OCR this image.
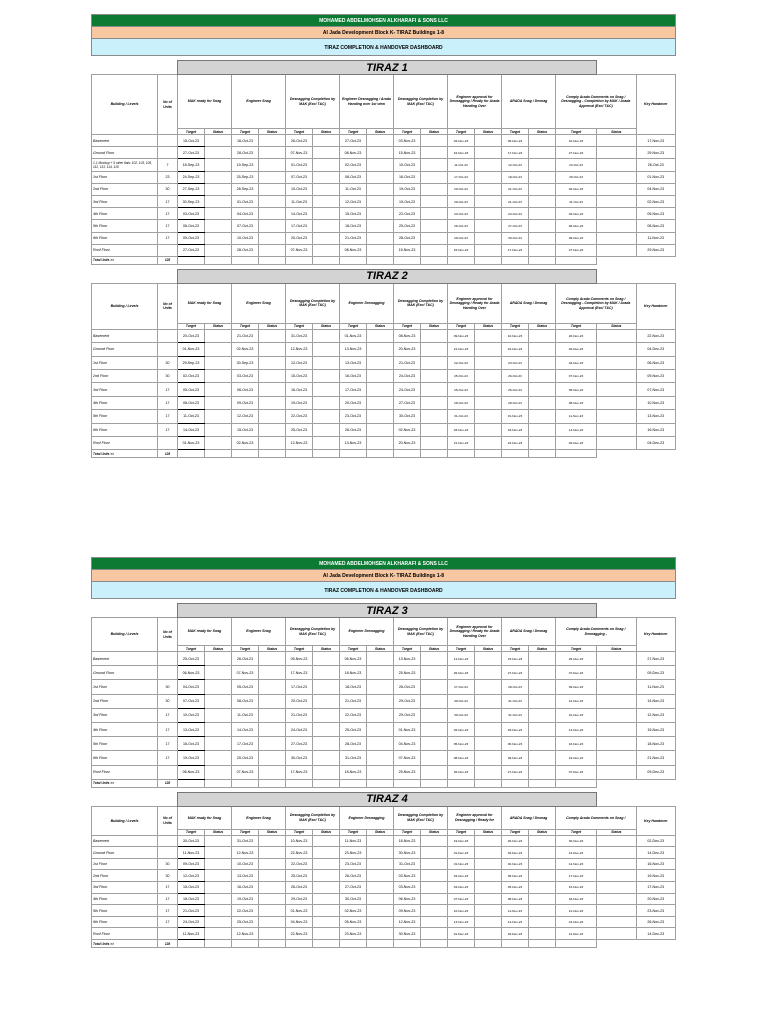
MOHAMED ABDELMOHSEN ALKHARAFI & SONS LLC
Al Jada Development Block K- TIRAZ Buildings 1-8
TIRAZ COMPLETION & HANDOVER DASHBOARD
		TIRAZ 1																
Building / Levels	No of Units	MAK ready for Snag		Engineer Snag		Desnagging Completion by MAK (Excl T&C)		Engineer Desnagging / Arada Handing over 1st view		Desnagging Completion by MAK (Excl T&C)		Engineer approval for Desnagging / Ready for Arada Handing Over		ARADA Snag / Desnag		Comply Arada Comments on Snag / Desnagging - Completion by MAK / Arada Approval (Excl T&C)		Key Handover
		Target	Status	Target	Status	Target	Status	Target	Status	Target	Status	Target	Status	Target	Status	Target	Status	
Basement		15-Oct-23		16-Oct-23		26-Oct-23		27-Oct-23		03-Nov-23		04-Nov-23		05-Nov-23		10-Nov-23		17-Nov-23
Ground Floor		27-Oct-23		28-Oct-23		07-Nov-23		08-Nov-23		15-Nov-23		16-Nov-23		17-Nov-23		27-Nov-23		29-Nov-23
1-1 Mockup + 5 other flats: 102, 103, 105, 112, 113, 114, 115	7	18-Sep-23		19-Sep-23		01-Oct-23		02-Oct-23		10-Oct-23		11-Oct-23		12-Oct-23		24-Oct-23		26-Oct-23
1st Floor	23	24-Sep-23		25-Sep-23		07-Oct-23		08-Oct-23		16-Oct-23		17-Oct-23		18-Oct-23		30-Oct-23		01-Nov-23
2nd Floor	30	27-Sep-23		28-Sep-23		10-Oct-23		11-Oct-23		19-Oct-23		20-Oct-23		21-Oct-23		02-Nov-23		04-Nov-23
3rd Floor	17	30-Sep-23		01-Oct-23		11-Oct-23		12-Oct-23		19-Oct-23		20-Oct-23		21-Oct-23		31-Oct-23		02-Nov-23
4th Floor	17	03-Oct-23		04-Oct-23		14-Oct-23		15-Oct-23		22-Oct-23		23-Oct-23		24-Oct-23		03-Nov-23		05-Nov-23
5th Floor	17	06-Oct-23		07-Oct-23		17-Oct-23		18-Oct-23		25-Oct-23		26-Oct-23		27-Oct-23		06-Nov-23		08-Nov-23
6th Floor	17	09-Oct-23		10-Oct-23		20-Oct-23		21-Oct-23		28-Oct-23		29-Oct-23		30-Oct-23		09-Nov-23		11-Nov-23
Roof Floor		27-Oct-23		28-Oct-23		07-Nov-23		08-Nov-23		15-Nov-23		16-Nov-23		17-Nov-23		27-Nov-23		29-Nov-23
Total Units >>	128																	
		TIRAZ 2																
Building / Levels	No of Units	MAK ready for Snag		Engineer Snag		Desnagging Completion by MAK (Excl T&C)		Engineer Desnagging		Desnagging Completion by MAK (Excl T&C)		Engineer approval for Desnagging / Ready for Arada Handing Over		ARADA Snag / Desnag		Comply Arada Comments on Snag / Desnagging - Completion by MAK / Arada Approval (Excl T&C)		Key Handover
		Target	Status	Target	Status	Target	Status	Target	Status	Target	Status	Target	Status	Target	Status	Target	Status	
Basement		20-Oct-23		21-Oct-23		31-Oct-23		01-Nov-23		08-Nov-23		09-Nov-23		10-Nov-23		20-Nov-23		22-Nov-23
Ground Floor		01-Nov-23		02-Nov-23		12-Nov-23		13-Nov-23		20-Nov-23		21-Nov-23		22-Nov-23		02-Dec-23		04-Dec-23
1st Floor	30	29-Sep-23		30-Sep-23		12-Oct-23		13-Oct-23		21-Oct-23		22-Oct-23		23-Oct-23		04-Nov-23		06-Nov-23
2nd Floor	30	02-Oct-23		03-Oct-23		15-Oct-23		16-Oct-23		24-Oct-23		25-Oct-23		26-Oct-23		07-Nov-23		09-Nov-23
3rd Floor	17	05-Oct-23		06-Oct-23		16-Oct-23		17-Oct-23		24-Oct-23		25-Oct-23		26-Oct-23		05-Nov-23		07-Nov-23
4th Floor	17	08-Oct-23		09-Oct-23		19-Oct-23		20-Oct-23		27-Oct-23		28-Oct-23		29-Oct-23		08-Nov-23		10-Nov-23
5th Floor	17	11-Oct-23		12-Oct-23		22-Oct-23		23-Oct-23		30-Oct-23		31-Oct-23		01-Nov-23		11-Nov-23		13-Nov-23
6th Floor	17	14-Oct-23		15-Oct-23		25-Oct-23		26-Oct-23		02-Nov-23		03-Nov-23		04-Nov-23		14-Nov-23		16-Nov-23
Roof Floor		01-Nov-23		02-Nov-23		12-Nov-23		13-Nov-23		20-Nov-23		21-Nov-23		22-Nov-23		02-Dec-23		04-Dec-23
Total Units >>	128																	
MOHAMED ABDELMOHSEN ALKHARAFI & SONS LLC
Al Jada Development Block K- TIRAZ Buildings 1-8
TIRAZ COMPLETION & HANDOVER DASHBOARD
		TIRAZ 3																
Building / Levels	No of Units	MAK ready for Snag		Engineer Snag		Desnagging Completion by MAK (Excl T&C)		Engineer Desnagging		Desnagging Completion by MAK (Excl T&C)		Engineer approval for Desnagging / Ready for Arada Handing Over		ARADA Snag / Desnag		Comply Arada Comments on Snag / Desnagging -		Key Handover
		Target	Status	Target	Status	Target	Status	Target	Status	Target	Status	Target	Status	Target	Status	Target	Status	
Basement		25-Oct-23		26-Oct-23		05-Nov-23		06-Nov-23		13-Nov-23		14-Nov-23		15-Nov-23		25-Nov-23		27-Nov-23
Ground Floor		06-Nov-23		07-Nov-23		17-Nov-23		18-Nov-23		25-Nov-23		26-Nov-23		27-Nov-23		07-Dec-23		09-Dec-23
1st Floor	30	04-Oct-23		05-Oct-23		17-Oct-23		18-Oct-23		26-Oct-23		27-Oct-23		28-Oct-23		09-Nov-23		11-Nov-23
2nd Floor	30	07-Oct-23		08-Oct-23		20-Oct-23		21-Oct-23		29-Oct-23		30-Oct-23		31-Oct-23		12-Nov-23		14-Nov-23
3rd Floor	17	10-Oct-23		11-Oct-23		21-Oct-23		22-Oct-23		29-Oct-23		30-Oct-23		31-Oct-23		10-Nov-23		12-Nov-23
4th Floor	17	13-Oct-23		14-Oct-23		24-Oct-23		25-Oct-23		01-Nov-23		02-Nov-23		03-Nov-23		13-Nov-23		15-Nov-23
5th Floor	17	16-Oct-23		17-Oct-23		27-Oct-23		28-Oct-23		04-Nov-23		05-Nov-23		06-Nov-23		16-Nov-23		18-Nov-23
6th Floor	17	19-Oct-23		20-Oct-23		30-Oct-23		31-Oct-23		07-Nov-23		08-Nov-23		09-Nov-23		19-Nov-23		21-Nov-23
Roof Floor		06-Nov-23		07-Nov-23		17-Nov-23		18-Nov-23		25-Nov-23		26-Nov-23		27-Nov-23		07-Dec-23		09-Dec-23
Total Units >>	128																	
		TIRAZ 4																
Building / Levels	No of Units	MAK ready for Snag		Engineer Snag		Desnagging Completion by MAK (Excl T&C)		Engineer Desnagging		Desnagging Completion by MAK (Excl T&C)		Engineer approval for Desnagging / Ready for		ARADA Snag / Desnag		Comply Arada Comments on Snag /		Key Handover
		Target	Status	Target	Status	Target	Status	Target	Status	Target	Status	Target	Status	Target	Status	Target	Status	
Basement		30-Oct-23		31-Oct-23		10-Nov-23		11-Nov-23		18-Nov-23		19-Nov-23		20-Nov-23		30-Nov-23		02-Dec-23
Ground Floor		11-Nov-23		12-Nov-23		22-Nov-23		23-Nov-23		30-Nov-23		01-Dec-23		02-Dec-23		12-Dec-23		14-Dec-23
1st Floor	30	09-Oct-23		10-Oct-23		22-Oct-23		23-Oct-23		31-Oct-23		01-Nov-23		02-Nov-23		14-Nov-23		16-Nov-23
2nd Floor	30	12-Oct-23		13-Oct-23		25-Oct-23		26-Oct-23		03-Nov-23		04-Nov-23		05-Nov-23		17-Nov-23		19-Nov-23
3rd Floor	17	15-Oct-23		16-Oct-23		26-Oct-23		27-Oct-23		03-Nov-23		04-Nov-23		05-Nov-23		15-Nov-23		17-Nov-23
4th Floor	17	18-Oct-23		19-Oct-23		29-Oct-23		30-Oct-23		06-Nov-23		07-Nov-23		08-Nov-23		18-Nov-23		20-Nov-23
5th Floor	17	21-Oct-23		22-Oct-23		01-Nov-23		02-Nov-23		09-Nov-23		10-Nov-23		11-Nov-23		21-Nov-23		23-Nov-23
6th Floor	17	24-Oct-23		25-Oct-23		04-Nov-23		05-Nov-23		12-Nov-23		13-Nov-23		14-Nov-23		24-Nov-23		26-Nov-23
Roof Floor		11-Nov-23		12-Nov-23		22-Nov-23		23-Nov-23		30-Nov-23		01-Dec-23		02-Dec-23		12-Dec-23		14-Dec-23
Total Units >>	128																	
